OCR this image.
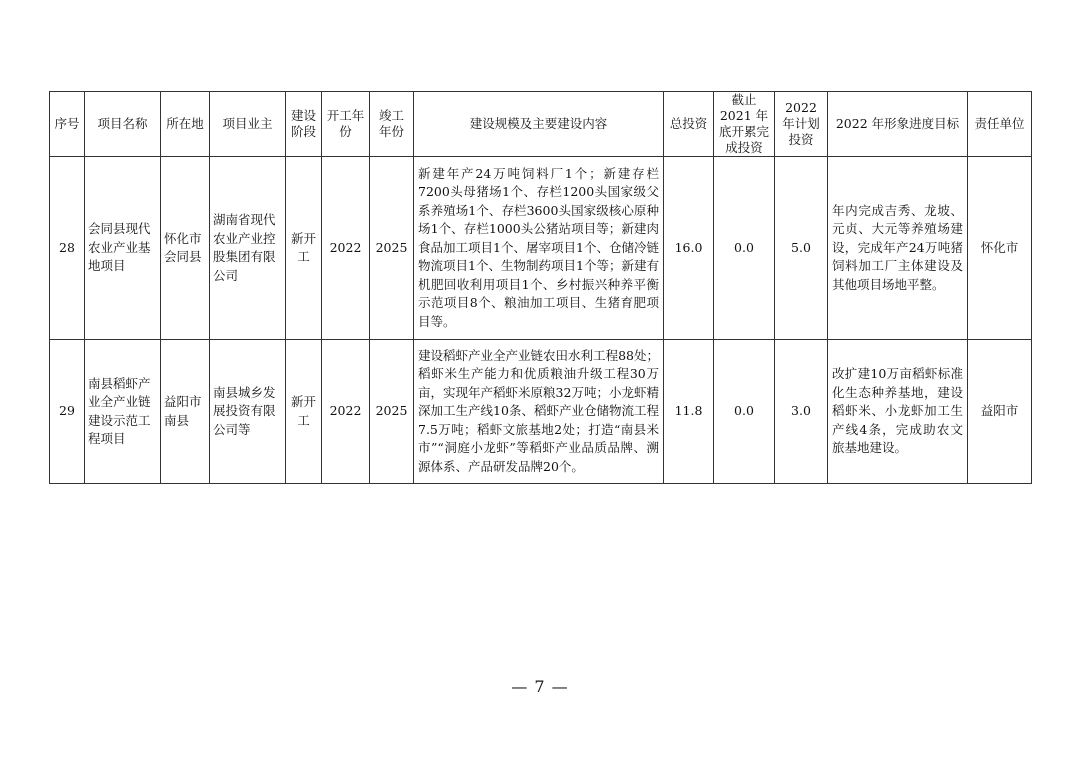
序号	项目名称	所在地	项目业主	建设阶段	开工年份	竣工年份	建设规模及主要建设内容	总投资	截止 2021 年底开累完成投资	2022 年计划投资	2022 年形象进度目标	责任单位
28	会同县现代农业产业基地项目	怀化市会同县	湖南省现代农业产业控股集团有限公司	新开工	2022	2025	新建年产24万吨饲料厂1个；新建存栏7200头母猪场1个、存栏1200头国家级父系养殖场1个、存栏3600头国家级核心原种场1个、存栏1000头公猪站项目等；新建肉食品加工项目1个、屠宰项目1个、仓储冷链物流项目1个、生物制药项目1个等；新建有机肥回收利用项目1个、乡村振兴种养平衡示范项目8个、粮油加工项目、生猪育肥项目等。	16.0	0.0	5.0	年内完成吉秀、龙坡、元贞、大元等养殖场建设，完成年产24万吨猪饲料加工厂主体建设及其他项目场地平整。	怀化市
29	南县稻虾产业全产业链建设示范工程项目	益阳市南县	南县城乡发展投资有限公司等	新开工	2022	2025	建设稻虾产业全产业链农田水利工程88处；稻虾米生产能力和优质粮油升级工程30万亩，实现年产稻虾米原粮32万吨；小龙虾精深加工生产线10条、稻虾产业仓储物流工程7.5万吨；稻虾文旅基地2处；打造“南县米市”“洞庭小龙虾”等稻虾产业品质品牌、溯源体系、产品研发品牌20个。	11.8	0.0	3.0	改扩建10万亩稻虾标准化生态种养基地，建设稻虾米、小龙虾加工生产线4条，完成助农文旅基地建设。	益阳市
— 7 —
